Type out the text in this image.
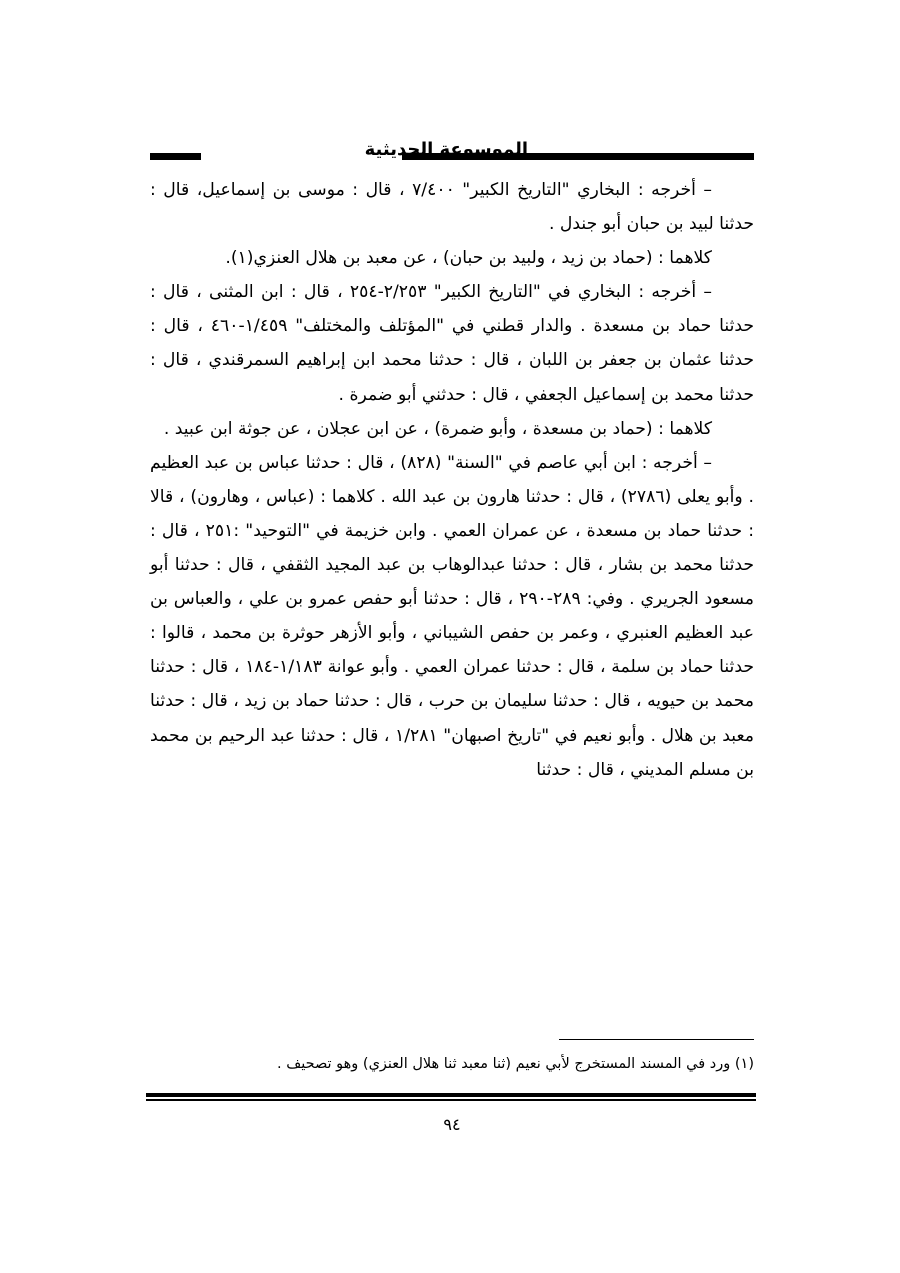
الموسوعة الحديثية

– أخرجه : البخاري "التاريخ الكبير" ٧/٤٠٠ ، قال : موسى بن إسماعيل، قال : حدثنا لبيد بن حبان أبو جندل .

كلاهما : (حماد بن زيد ، ولبيد بن حبان) ، عن معبد بن هلال العنزي(١).

– أخرجه : البخاري في "التاريخ الكبير" ٢/٢٥٣-٢٥٤ ، قال : ابن المثنى ، قال : حدثنا حماد بن مسعدة . والدار قطني في "المؤتلف والمختلف" ١/٤٥٩-٤٦٠ ، قال : حدثنا عثمان بن جعفر بن اللبان ، قال : حدثنا محمد ابن إبراهيم السمرقندي ، قال : حدثنا محمد بن إسماعيل الجعفي ، قال : حدثني أبو ضمرة .

كلاهما : (حماد بن مسعدة ، وأبو ضمرة) ، عن ابن عجلان ، عن جوثة ابن عبيد .

– أخرجه : ابن أبي عاصم في "السنة" (٨٢٨) ، قال : حدثنا عباس بن عبد العظيم . وأبو يعلى (٢٧٨٦) ، قال : حدثنا هارون بن عبد الله . كلاهما : (عباس ، وهارون) ، قالا : حدثنا حماد بن مسعدة ، عن عمران العمي . وابن خزيمة في "التوحيد" :٢٥١ ، قال : حدثنا محمد بن بشار ، قال : حدثنا عبدالوهاب بن عبد المجيد الثقفي ، قال : حدثنا أبو مسعود الجريري . وفي: ٢٨٩-٢٩٠ ، قال : حدثنا أبو حفص عمرو بن علي ، والعباس بن عبد العظيم العنبري ، وعمر بن حفص الشيباني ، وأبو الأزهر حوثرة بن محمد ، قالوا : حدثنا حماد بن سلمة ، قال : حدثنا عمران العمي . وأبو عوانة ١/١٨٣-١٨٤ ، قال : حدثنا محمد بن حيويه ، قال : حدثنا سليمان بن حرب ، قال : حدثنا حماد بن زيد ، قال : حدثنا معبد بن هلال . وأبو نعيم في "تاريخ اصبهان" ١/٢٨١ ، قال : حدثنا عبد الرحيم بن محمد بن مسلم المديني ، قال : حدثنا

(١) ورد في المسند المستخرج لأبي نعيم (ثنا معبد ثنا هلال العنزي) وهو تصحيف .
٩٤
